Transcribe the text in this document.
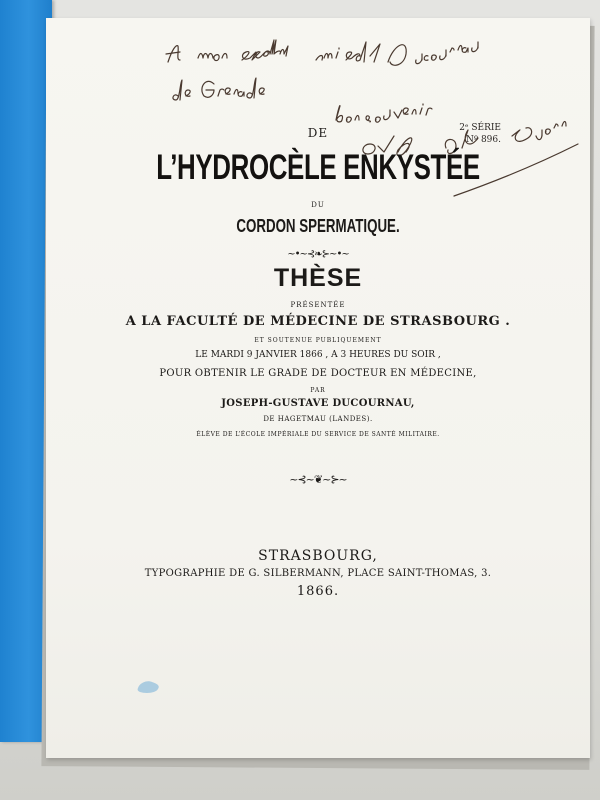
2ᵉ SÉRIE
Nº 896.
DE
L’HYDROCÈLE ENKYSTÉE
DU
CORDON SPERMATIQUE.
~•~⊰❧⊱~•~
THÈSE
PRÉSENTÉE
A LA FACULTÉ DE MÉDECINE DE STRASBOURG .
ET SOUTENUE PUBLIQUEMENT
LE MARDI 9 JANVIER 1866 , A 3 HEURES DU SOIR ,
POUR OBTENIR LE GRADE DE DOCTEUR EN MÉDECINE,
PAR
JOSEPH-GUSTAVE DUCOURNAU,
DE HAGETMAU (LANDES).
ÉLÈVE DE L’ÉCOLE IMPÉRIALE DU SERVICE DE SANTÉ MILITAIRE.
~⊰~❦~⊱~
STRASBOURG,
TYPOGRAPHIE DE G. SILBERMANN, PLACE SAINT-THOMAS, 3.
1866.
